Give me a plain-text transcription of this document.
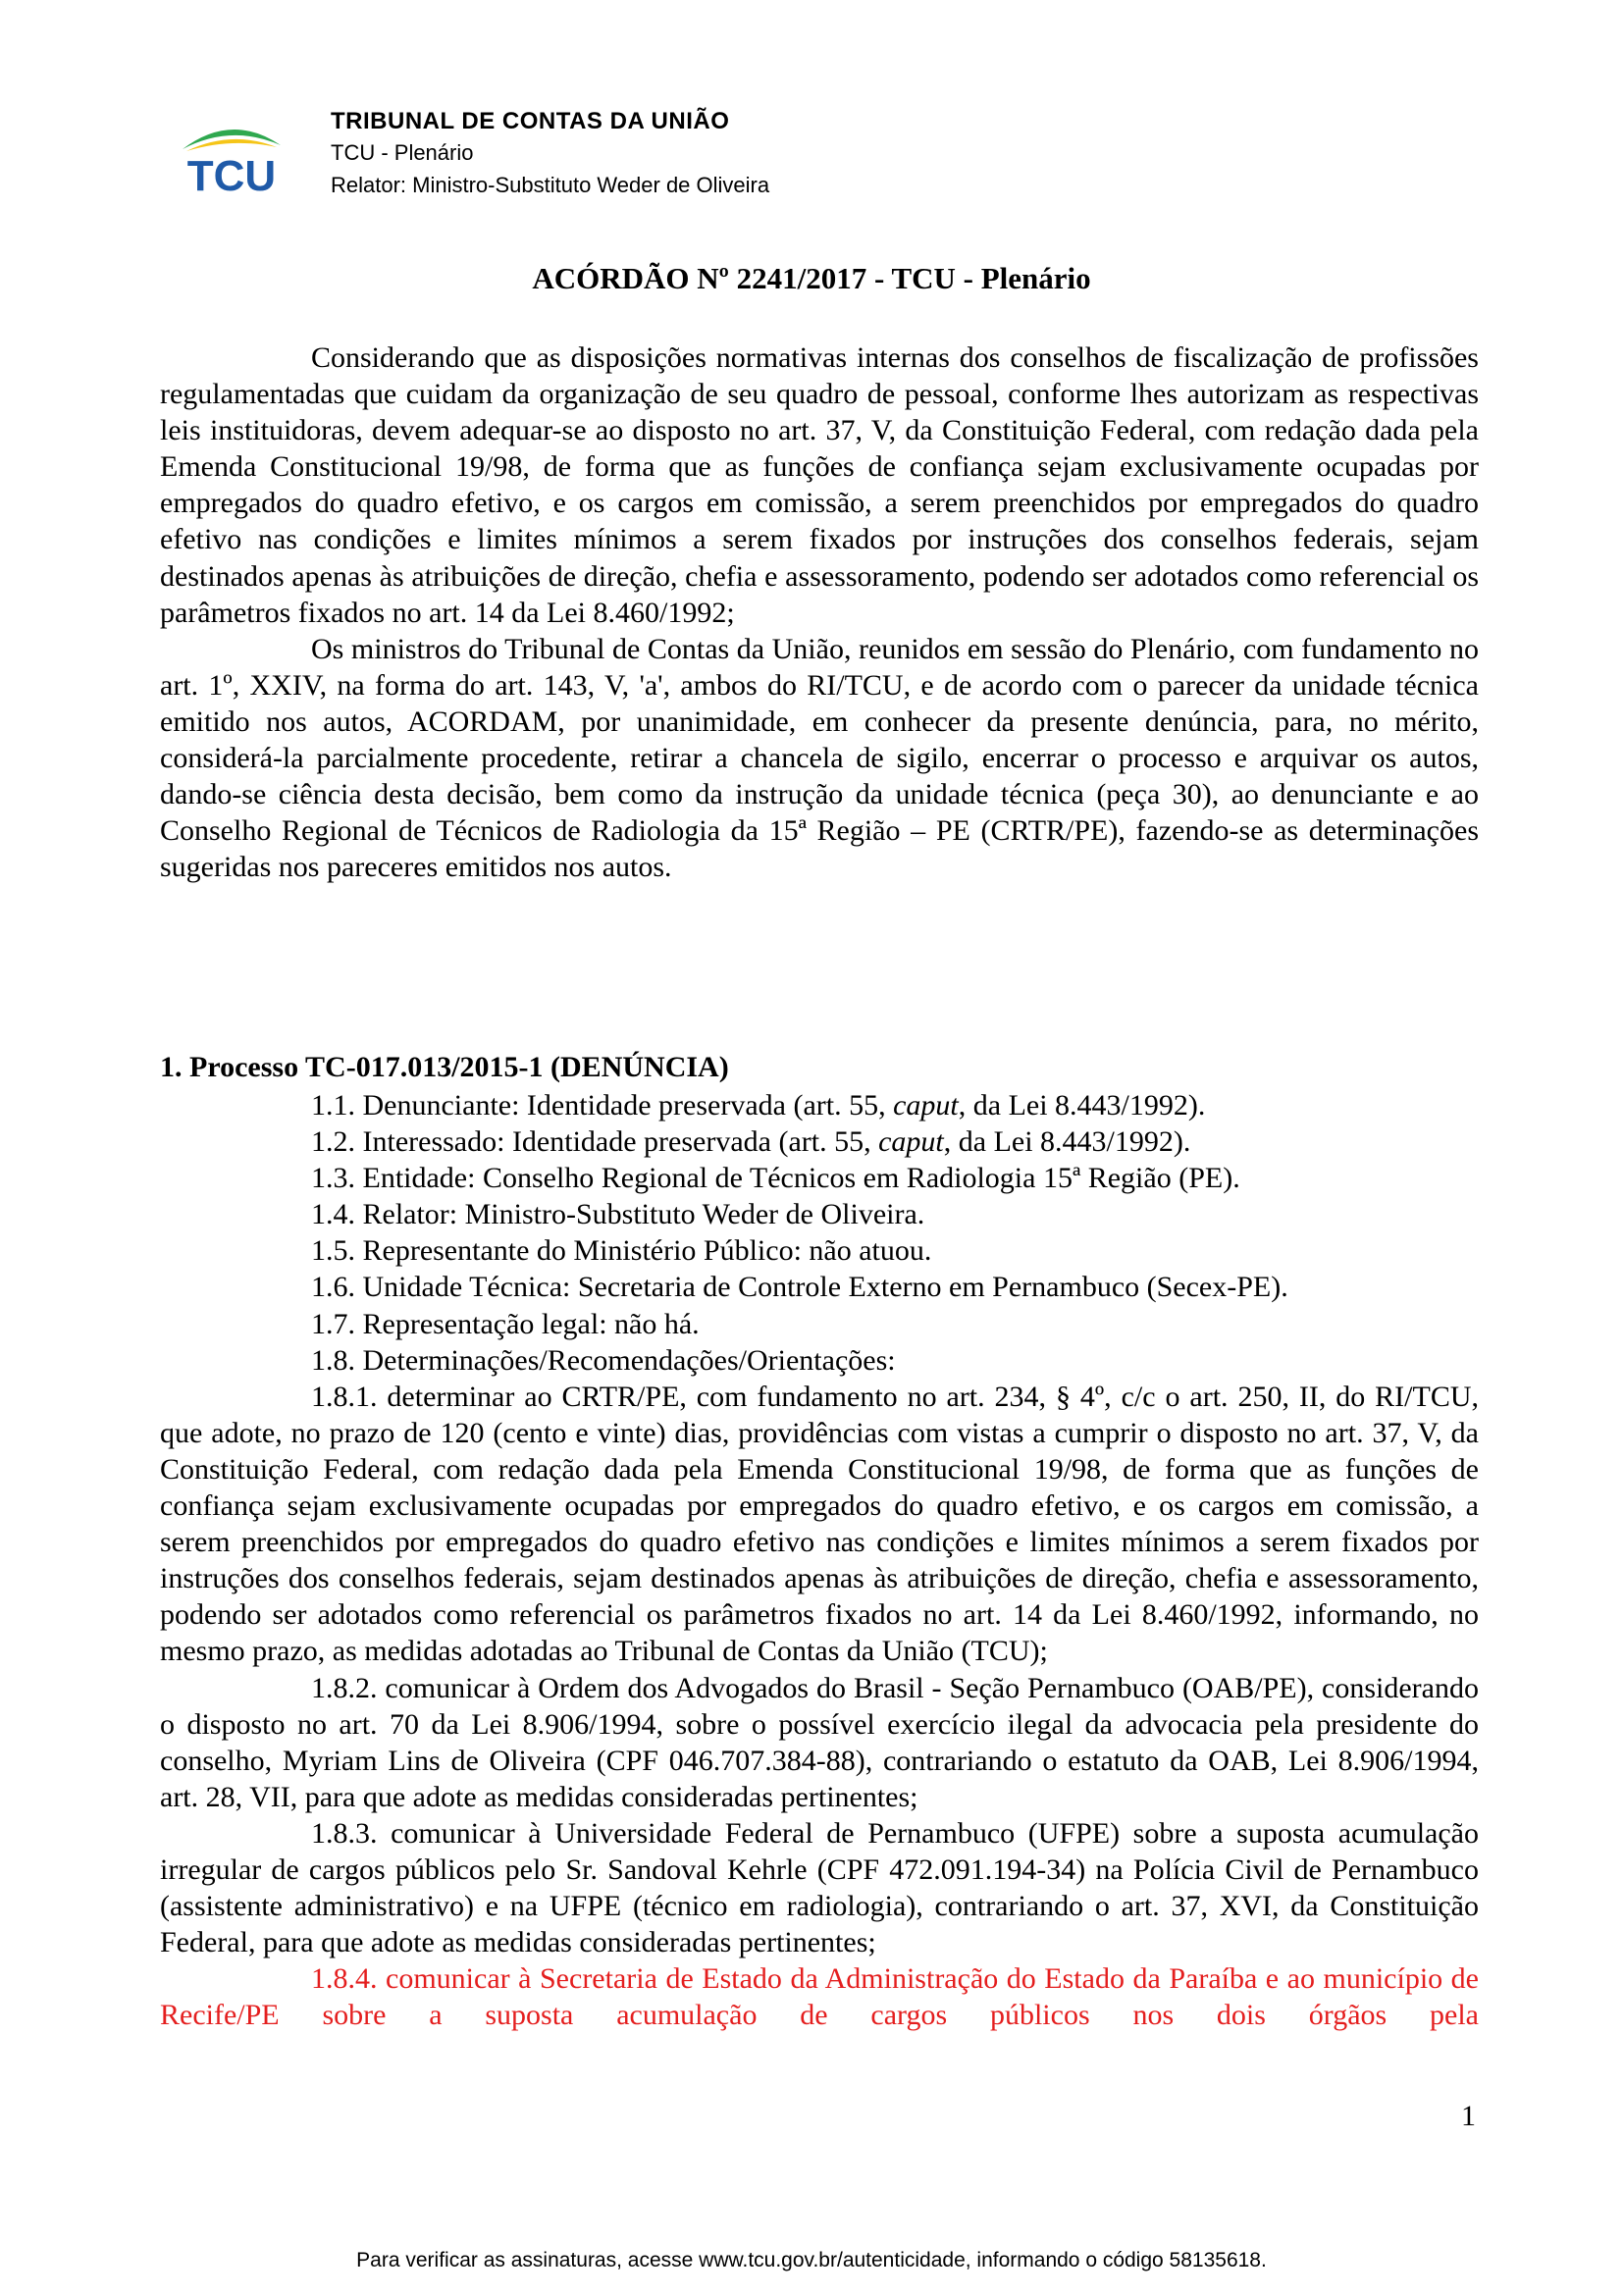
TCU
TRIBUNAL DE CONTAS DA UNIÃO
TCU - Plenário
Relator: Ministro-Substituto Weder de Oliveira
ACÓRDÃO Nº 2241/2017 - TCU - Plenário

Considerando que as disposições normativas internas dos conselhos de fiscalização de profissões regulamentadas que cuidam da organização de seu quadro de pessoal, conforme lhes autorizam as respectivas leis instituidoras, devem adequar-se ao disposto no art. 37, V, da Constituição Federal, com redação dada pela Emenda Constitucional 19/98, de forma que as funções de confiança sejam exclusivamente ocupadas por empregados do quadro efetivo, e os cargos em comissão, a serem preenchidos por empregados do quadro efetivo nas condições e limites mínimos a serem fixados por instruções dos conselhos federais, sejam destinados apenas às atribuições de direção, chefia e assessoramento, podendo ser adotados como referencial os parâmetros fixados no art. 14 da Lei 8.460/1992;

Os ministros do Tribunal de Contas da União, reunidos em sessão do Plenário, com fundamento no art. 1º, XXIV, na forma do art. 143, V, 'a', ambos do RI/TCU, e de acordo com o parecer da unidade técnica emitido nos autos, ACORDAM, por unanimidade, em conhecer da presente denúncia, para, no mérito, considerá-la parcialmente procedente, retirar a chancela de sigilo, encerrar o processo e arquivar os autos, dando-se ciência desta decisão, bem como da instrução da unidade técnica (peça 30), ao denunciante e ao Conselho Regional de Técnicos de Radiologia da 15ª Região – PE (CRTR/PE), fazendo-se as determinações sugeridas nos pareceres emitidos nos autos.

1. Processo TC-017.013/2015-1 (DENÚNCIA)

1.1. Denunciante: Identidade preservada (art. 55, caput, da Lei 8.443/1992).

1.2. Interessado: Identidade preservada (art. 55, caput, da Lei 8.443/1992).

1.3. Entidade: Conselho Regional de Técnicos em Radiologia 15ª Região (PE).

1.4. Relator: Ministro-Substituto Weder de Oliveira.

1.5. Representante do Ministério Público: não atuou.

1.6. Unidade Técnica: Secretaria de Controle Externo em Pernambuco (Secex-PE).

1.7. Representação legal: não há.

1.8. Determinações/Recomendações/Orientações:

1.8.1. determinar ao CRTR/PE, com fundamento no art. 234, § 4º, c/c o art. 250, II, do RI/TCU, que adote, no prazo de 120 (cento e vinte) dias, providências com vistas a cumprir o disposto no art. 37, V, da Constituição Federal, com redação dada pela Emenda Constitucional 19/98, de forma que as funções de confiança sejam exclusivamente ocupadas por empregados do quadro efetivo, e os cargos em comissão, a serem preenchidos por empregados do quadro efetivo nas condições e limites mínimos a serem fixados por instruções dos conselhos federais, sejam destinados apenas às atribuições de direção, chefia e assessoramento, podendo ser adotados como referencial os parâmetros fixados no art. 14 da Lei 8.460/1992, informando, no mesmo prazo, as medidas adotadas ao Tribunal de Contas da União (TCU);

1.8.2. comunicar à Ordem dos Advogados do Brasil - Seção Pernambuco (OAB/PE), considerando o disposto no art. 70 da Lei 8.906/1994, sobre o possível exercício ilegal da advocacia pela presidente do conselho, Myriam Lins de Oliveira (CPF 046.707.384-88), contrariando o estatuto da OAB, Lei 8.906/1994, art. 28, VII, para que adote as medidas consideradas pertinentes;

1.8.3. comunicar à Universidade Federal de Pernambuco (UFPE) sobre a suposta acumulação irregular de cargos públicos pelo Sr. Sandoval Kehrle (CPF 472.091.194-34) na Polícia Civil de Pernambuco (assistente administrativo) e na UFPE (técnico em radiologia), contrariando o art. 37, XVI, da Constituição Federal, para que adote as medidas consideradas pertinentes;

1.8.4. comunicar à Secretaria de Estado da Administração do Estado da Paraíba e ao município de Recife/PE sobre a suposta acumulação de cargos públicos nos dois órgãos pela

1
Para verificar as assinaturas, acesse www.tcu.gov.br/autenticidade, informando o código 58135618.
